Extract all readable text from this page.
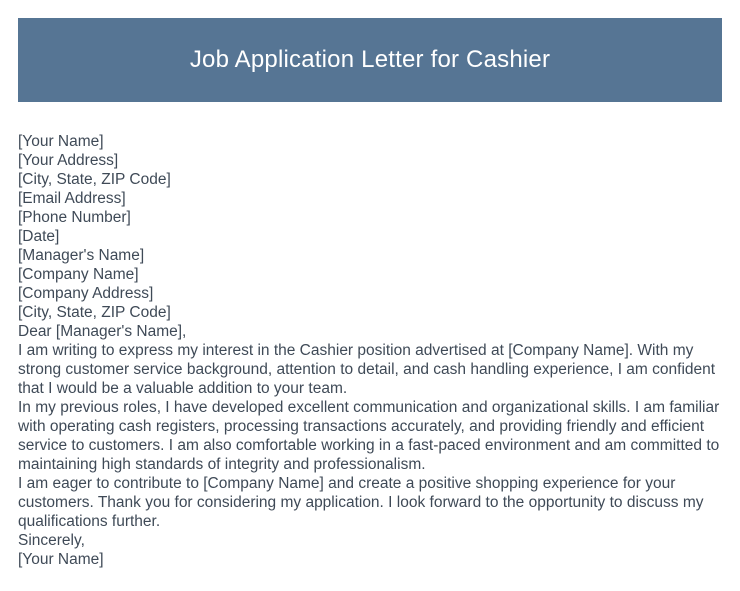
Job Application Letter for Cashier
[Your Name]
[Your Address]
[City, State, ZIP Code]
[Email Address]
[Phone Number]
[Date]
[Manager's Name]
[Company Name]
[Company Address]
[City, State, ZIP Code]
Dear [Manager's Name],
I am writing to express my interest in the Cashier position advertised at [Company Name]. With my strong customer service background, attention to detail, and cash handling experience, I am confident that I would be a valuable addition to your team.
In my previous roles, I have developed excellent communication and organizational skills. I am familiar with operating cash registers, processing transactions accurately, and providing friendly and efficient service to customers. I am also comfortable working in a fast-paced environment and am committed to maintaining high standards of integrity and professionalism.
I am eager to contribute to [Company Name] and create a positive shopping experience for your customers. Thank you for considering my application. I look forward to the opportunity to discuss my qualifications further.
Sincerely,
[Your Name]
